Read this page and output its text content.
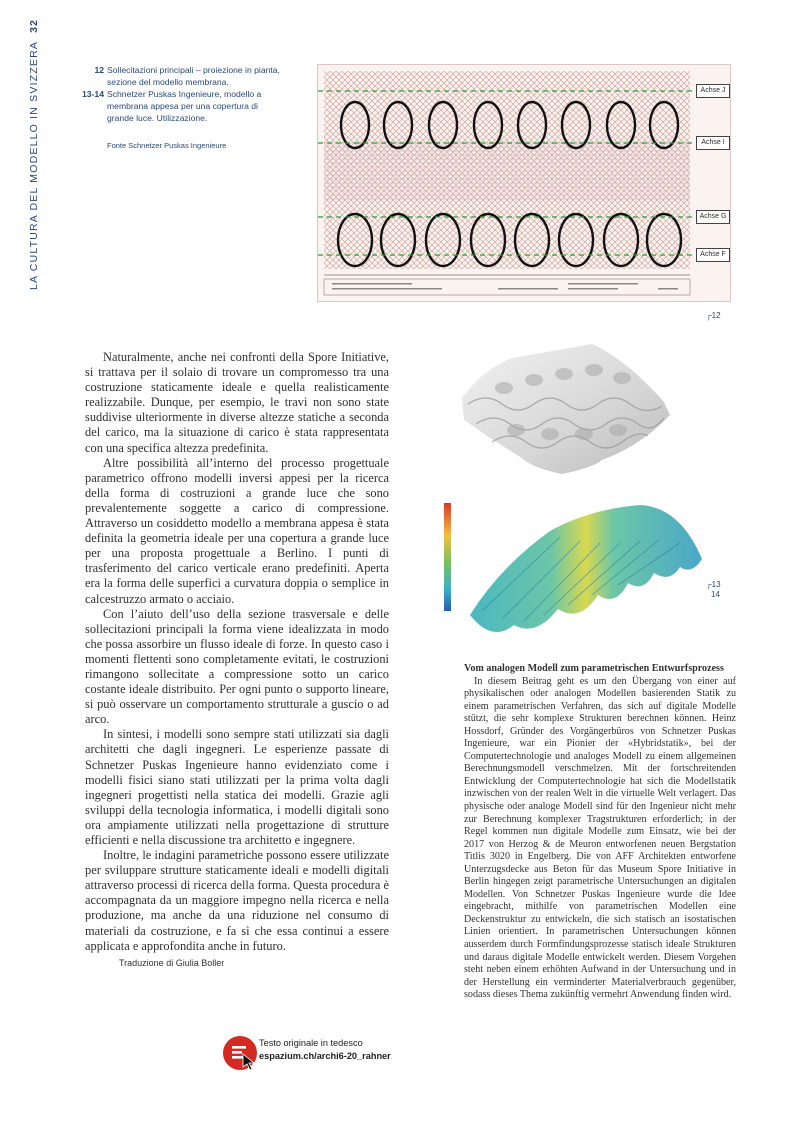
LA CULTURA DEL MODELLO IN SVIZZERA32
12 Sollecitazioni principali – proiezione in pianta, sezione del modello membrana.
13-14 Schnetzer Puskas Ingenieure, modello a membrana appesa per una copertura di grande luce. Utilizzazione.
Fonte Schnetzer Puskas Ingenieure
Achse J
Achse I
Achse G
Achse F
┌12
┌13
14

Naturalmente, anche nei confronti della Spore Initiative, si trattava per il solaio di trovare un compromesso tra una costruzione staticamente ideale e quella realisticamente realizzabile. Dunque, per esempio, le travi non sono state suddivise ulteriormente in diverse altezze statiche a seconda del carico, ma la situazione di carico è stata rappresentata con una specifica altezza predefinita.

Altre possibilità all’interno del processo progettuale parametrico offrono modelli inversi appesi per la ricerca della forma di costruzioni a grande luce che sono prevalentemente soggette a carico di compressione. Attraverso un cosiddetto modello a membrana appesa è stata definita la geometria ideale per una copertura a grande luce per una proposta progettuale a Berlino. I punti di trasferimento del carico verticale erano predefiniti. Aperta era la forma delle superfici a curvatura doppia o semplice in calcestruzzo armato o acciaio.

Con l’aiuto dell’uso della sezione trasversale e delle sollecitazioni principali la forma viene idealizzata in modo che possa assorbire un flusso ideale di forze. In questo caso i momenti flettenti sono completamente evitati, le costruzioni rimangono sollecitate a compressione sotto un carico costante ideale distribuito. Per ogni punto o supporto lineare, si può osservare un comportamento strutturale a guscio o ad arco.

In sintesi, i modelli sono sempre stati utilizzati sia dagli architetti che dagli ingegneri. Le esperienze passate di Schnetzer Puskas Ingenieure hanno evidenziato come i modelli fisici siano stati utilizzati per la prima volta dagli ingegneri progettisti nella statica dei modelli. Grazie agli sviluppi della tecnologia informatica, i modelli digitali sono ora ampiamente utilizzati nella progettazione di strutture efficienti e nella discussione tra architetto e ingegnere.

Inoltre, le indagini parametriche possono essere utilizzate per sviluppare strutture staticamente ideali e modelli digitali attraverso processi di ricerca della forma. Questa procedura è accompagnata da un maggiore impegno nella ricerca e nella produzione, ma anche da una riduzione nel consumo di materiali da costruzione, e fa sì che essa continui a essere applicata e approfondita anche in futuro.

Traduzione di Giulia Boller

Vom analogen Modell zum parametrischen Entwurfsprozess

In diesem Beitrag geht es um den Übergang von einer auf physikalischen oder analogen Modellen basierenden Statik zu einem parametrischen Verfahren, das sich auf digitale Modelle stützt, die sehr komplexe Strukturen berechnen können. Heinz Hossdorf, Gründer des Vorgängerbüros von Schnetzer Puskas Ingenieure, war ein Pionier der «Hybridstatik», bei der Computertechnologie und analoges Modell zu einem allgemeinen Berechnungsmodell verschmelzen. Mit der fortschreitenden Entwicklung der Computertechnologie hat sich die Modellstatik inzwischen von der realen Welt in die virtuelle Welt verlagert. Das physische oder analoge Modell sind für den Ingenieur nicht mehr zur Berechnung komplexer Tragstrukturen erforderlich; in der Regel kommen nun digitale Modelle zum Einsatz, wie bei der 2017 von Herzog & de Meuron entworfenen neuen Bergstation Titlis 3020 in Engelberg. Die von AFF Architekten entworfene Unterzugsdecke aus Beton für das Museum Spore Initiative in Berlin hingegen zeigt parametrische Untersuchungen an digitalen Modellen. Von Schnetzer Puskas Ingenieure wurde die Idee eingebracht, mithilfe von parametrischen Modellen eine Deckenstruktur zu entwickeln, die sich statisch an isostatischen Linien orientiert. In parametrischen Untersuchungen können ausserdem durch Formfindungsprozesse statisch ideale Strukturen und daraus digitale Modelle entwickelt werden. Diesem Vorgehen steht neben einem erhöhten Aufwand in der Untersuchung und in der Herstellung ein verminderter Materialverbrauch gegenüber, sodass dieses Thema zukünftig vermehrt Anwendung finden wird.

Testo originale in tedesco
espazium.ch/archi6-20_rahner
